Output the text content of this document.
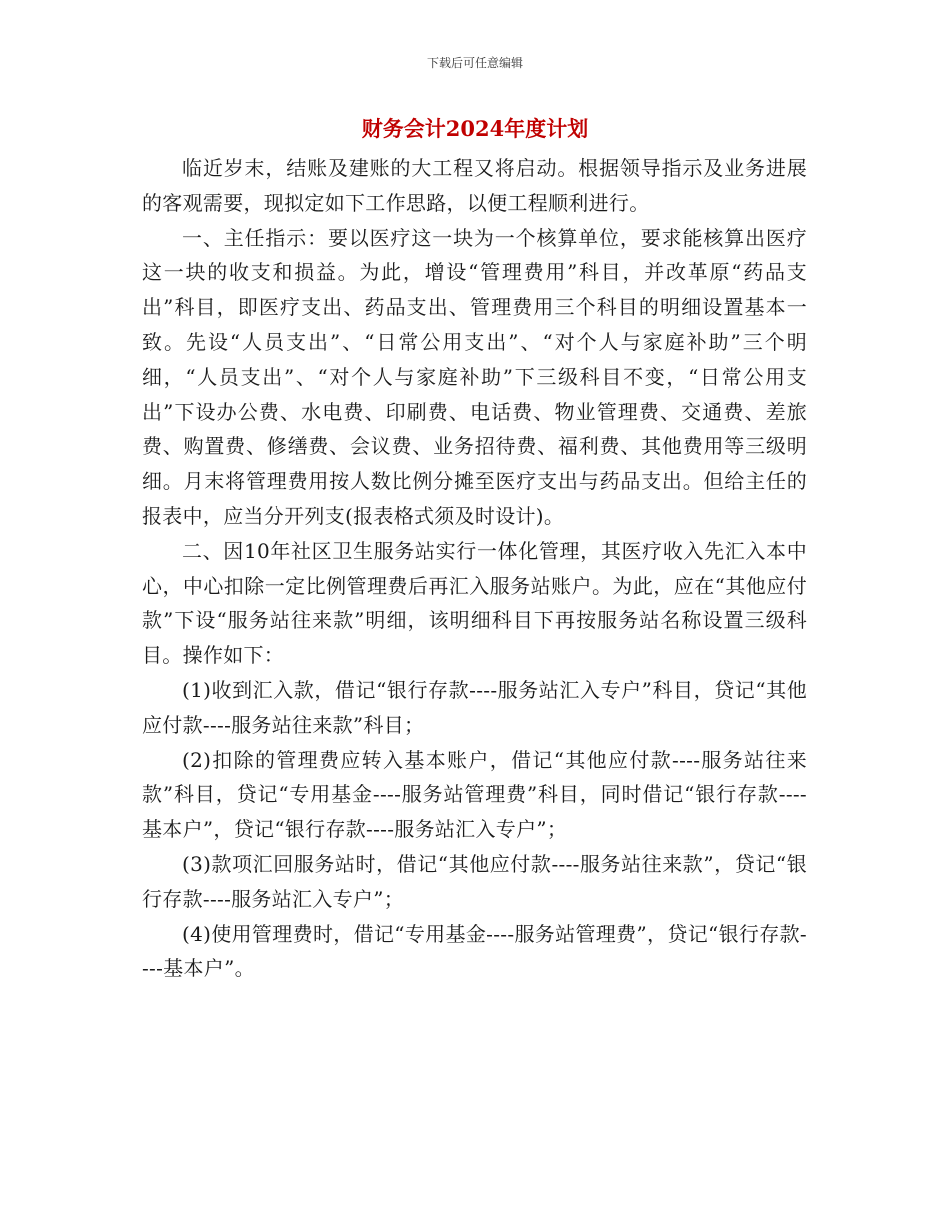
下载后可任意编辑
财务会计2024年度计划

临近岁末，结账及建账的大工程又将启动。根据领导指示及业务进展的客观需要，现拟定如下工作思路，以便工程顺利进行。

一、主任指示：要以医疗这一块为一个核算单位，要求能核算出医疗这一块的收支和损益。为此，增设“管理费用”科目，并改革原“药品支出”科目，即医疗支出、药品支出、管理费用三个科目的明细设置基本一致。先设“人员支出”、“日常公用支出”、“对个人与家庭补助”三个明细，“人员支出”、“对个人与家庭补助”下三级科目不变，“日常公用支出”下设办公费、水电费、印刷费、电话费、物业管理费、交通费、差旅费、购置费、修缮费、会议费、业务招待费、福利费、其他费用等三级明细。月末将管理费用按人数比例分摊至医疗支出与药品支出。但给主任的报表中，应当分开列支(报表格式须及时设计)。

二、因10年社区卫生服务站实行一体化管理，其医疗收入先汇入本中心，中心扣除一定比例管理费后再汇入服务站账户。为此，应在“其他应付款”下设“服务站往来款”明细，该明细科目下再按服务站名称设置三级科目。操作如下：

(1)收到汇入款，借记“银行存款----服务站汇入专户”科目，贷记“其他应付款----服务站往来款”科目；

(2)扣除的管理费应转入基本账户，借记“其他应付款----服务站往来款”科目，贷记“专用基金----服务站管理费”科目，同时借记“银行存款----基本户”，贷记“银行存款----服务站汇入专户”；

(3)款项汇回服务站时，借记“其他应付款----服务站往来款”，贷记“银行存款----服务站汇入专户”；

(4)使用管理费时，借记“专用基金----服务站管理费”，贷记“银行存款----基本户”。
